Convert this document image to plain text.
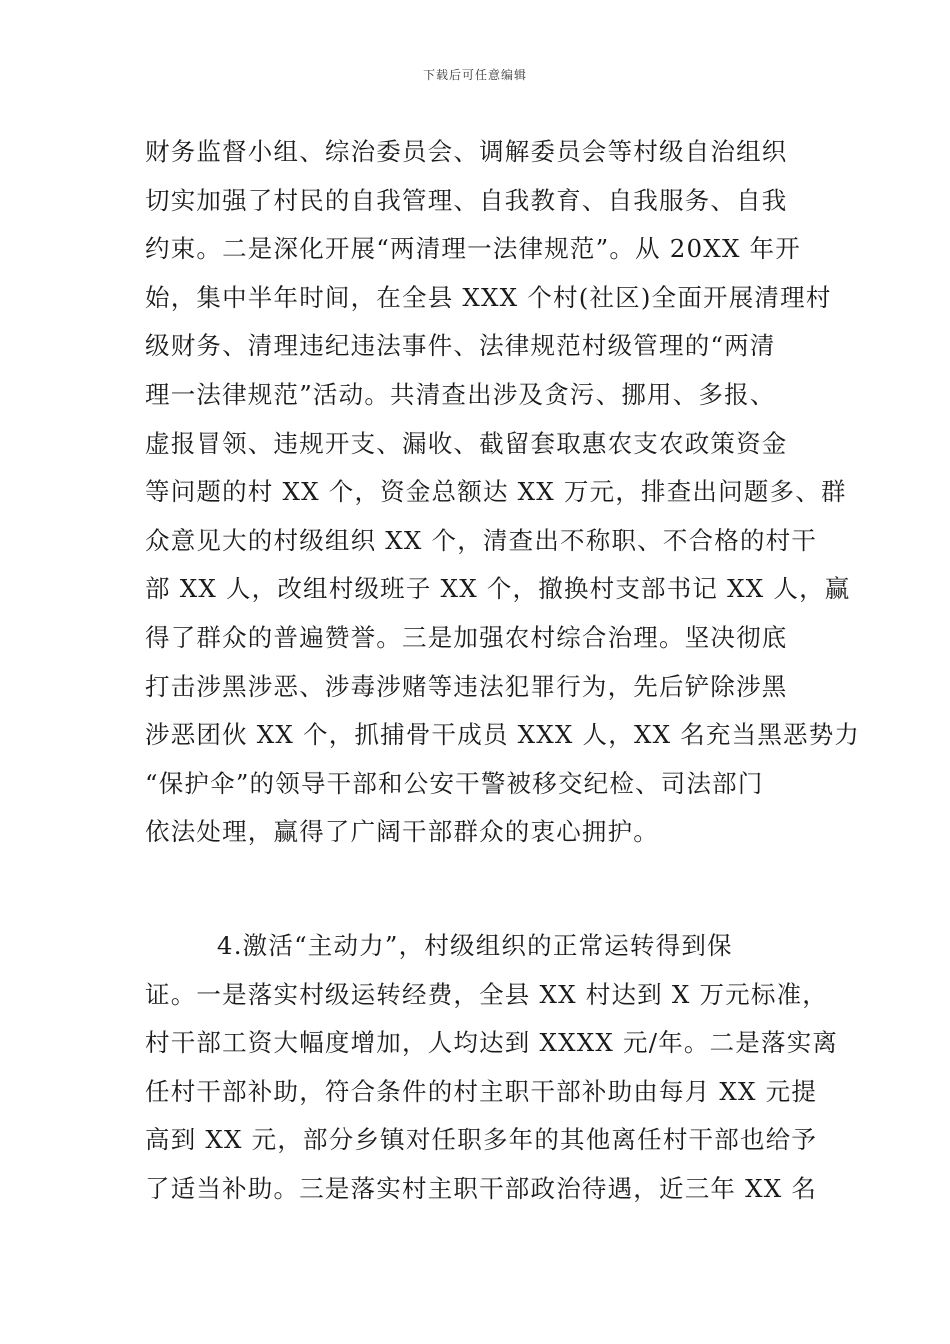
下载后可任意编辑
财务监督小组、综治委员会、调解委员会等村级自治组织
切实加强了村民的自我管理、自我教育、自我服务、自我
约束。二是深化开展“两清理一法律规范”。从 20XX 年开
始，集中半年时间，在全县 XXX 个村(社区)全面开展清理村
级财务、清理违纪违法事件、法律规范村级管理的“两清
理一法律规范”活动。共清查出涉及贪污、挪用、多报、
虚报冒领、违规开支、漏收、截留套取惠农支农政策资金
等问题的村 XX 个，资金总额达 XX 万元，排查出问题多、群
众意见大的村级组织 XX 个，清查出不称职、不合格的村干
部 XX 人，改组村级班子 XX 个，撤换村支部书记 XX 人，赢
得了群众的普遍赞誉。三是加强农村综合治理。坚决彻底
打击涉黑涉恶、涉毒涉赌等违法犯罪行为，先后铲除涉黑
涉恶团伙 XX 个，抓捕骨干成员 XXX 人，XX 名充当黑恶势力
“保护伞”的领导干部和公安干警被移交纪检、司法部门
依法处理，赢得了广阔干部群众的衷心拥护。
4.激活“主动力”，村级组织的正常运转得到保
证。一是落实村级运转经费，全县 XX 村达到 X 万元标准，
村干部工资大幅度增加，人均达到 XXXX 元/年。二是落实离
任村干部补助，符合条件的村主职干部补助由每月 XX 元提
高到 XX 元，部分乡镇对任职多年的其他离任村干部也给予
了适当补助。三是落实村主职干部政治待遇，近三年 XX 名
